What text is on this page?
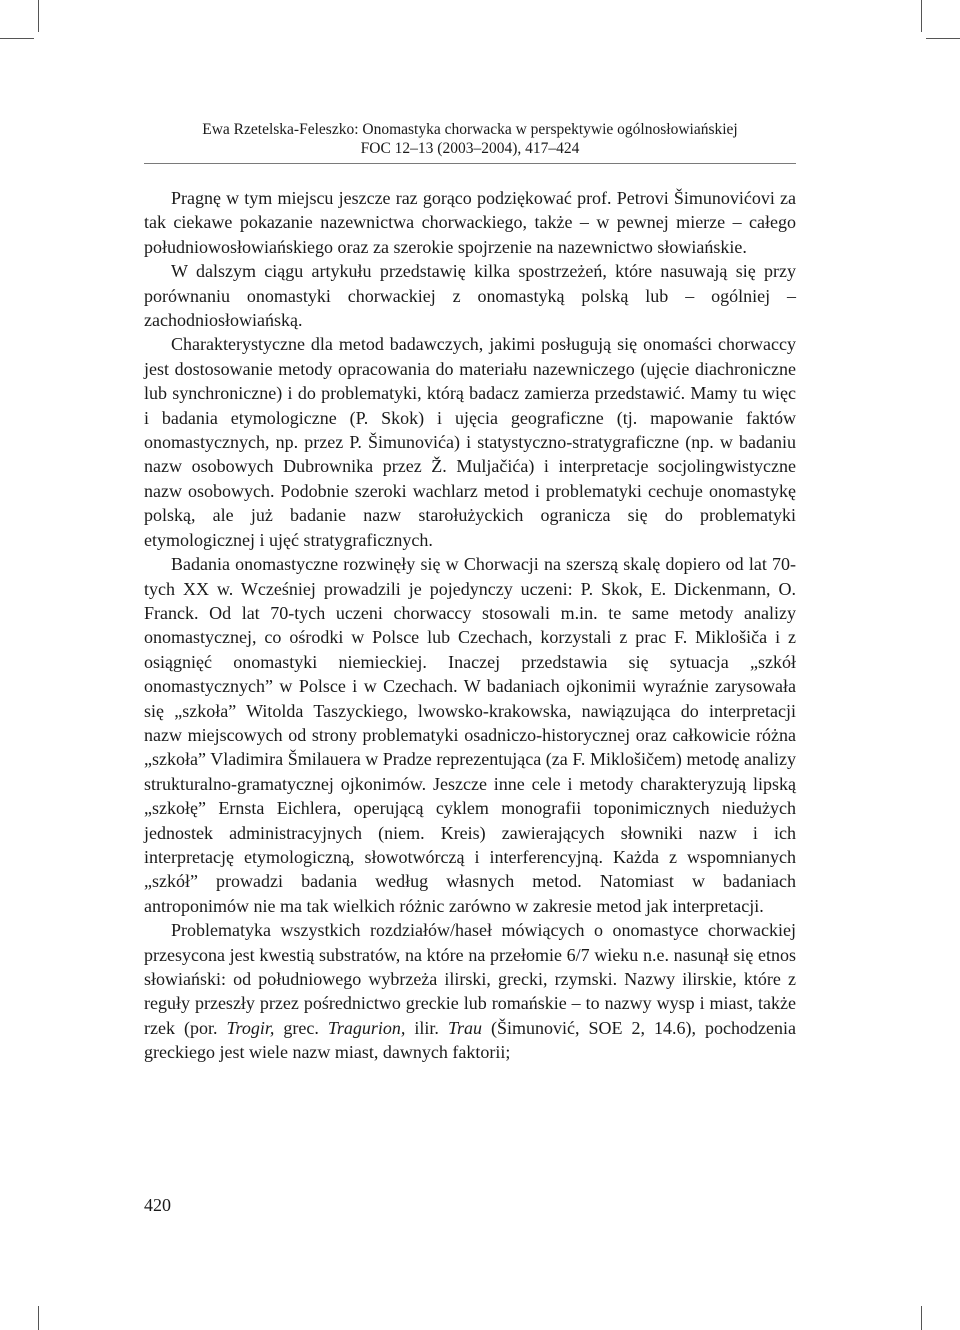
Ewa Rzetelska-Feleszko: Onomastyka chorwacka w perspektywie ogólnosłowiańskiej
FOC 12–13 (2003–2004), 417–424

Pragnę w tym miejscu jeszcze raz gorąco podziękować prof. Petrovi Šimunovićovi za tak ciekawe pokazanie nazewnictwa chorwackiego, także – w pewnej mierze – całego południowosłowiańskiego oraz za szerokie spojrzenie na nazewnictwo słowiańskie.

W dalszym ciągu artykułu przedstawię kilka spostrzeżeń, które nasuwają się przy porównaniu onomastyki chorwackiej z onomastyką polską lub – ogólniej – zachodniosłowiańską.

Charakterystyczne dla metod badawczych, jakimi posługują się onomaści chorwaccy jest dostosowanie metody opracowania do materiału nazewniczego (ujęcie diachroniczne lub synchroniczne) i do problematyki, którą badacz zamierza przedstawić. Mamy tu więc i badania etymologiczne (P. Skok) i ujęcia geograficzne (tj. mapowanie faktów onomastycznych, np. przez P. Šimunovića) i statystyczno-stratygraficzne (np. w badaniu nazw osobowych Dubrownika przez Ž. Muljačića) i interpretacje socjolingwistyczne nazw osobowych. Podobnie szeroki wachlarz metod i problematyki cechuje onomastykę polską, ale już badanie nazw starołużyckich ogranicza się do problematyki etymologicznej i ujęć stratygraficznych.

Badania onomastyczne rozwinęły się w Chorwacji na szerszą skalę dopiero od lat 70-tych XX w. Wcześniej prowadzili je pojedynczy uczeni: P. Skok, E. Dickenmann, O. Franck. Od lat 70-tych uczeni chorwaccy stosowali m.in. te same metody analizy onomastycznej, co ośrodki w Polsce lub Czechach, korzystali z prac F. Miklošiča i z osiągnięć onomastyki niemieckiej. Inaczej przedstawia się sytuacja „szkół onomastycznych” w Polsce i w Czechach. W badaniach ojkonimii wyraźnie zarysowała się „szkoła” Witolda Taszyckiego, lwowsko-krakowska, nawiązująca do interpretacji nazw miejscowych od strony problematyki osadniczo-historycznej oraz całkowicie różna „szkoła” Vladimira Šmilauera w Pradze reprezentująca (za F. Miklošičem) metodę analizy strukturalno-gramatycznej ojkonimów. Jeszcze inne cele i metody charakteryzują lipską „szkołę” Ernsta Eichlera, operującą cyklem monografii toponimicznych niedużych jednostek administracyjnych (niem. Kreis) zawierających słowniki nazw i ich interpretację etymologiczną, słowotwórczą i interferencyjną. Każda z wspomnianych „szkół” prowadzi badania według własnych metod. Natomiast w badaniach antroponimów nie ma tak wielkich różnic zarówno w zakresie metod jak interpretacji.

Problematyka wszystkich rozdziałów/haseł mówiących o onomastyce chorwackiej przesycona jest kwestią substratów, na które na przełomie 6/7 wieku n.e. nasunął się etnos słowiański: od południowego wybrzeża ilirski, grecki, rzymski. Nazwy ilirskie, które z reguły przeszły przez pośrednictwo greckie lub romańskie – to nazwy wysp i miast, także rzek (por. Trogir, grec. Tragurion, ilir. Trau (Šimunović, SOE 2, 14.6), pochodzenia greckiego jest wiele nazw miast, dawnych faktorii;

420
